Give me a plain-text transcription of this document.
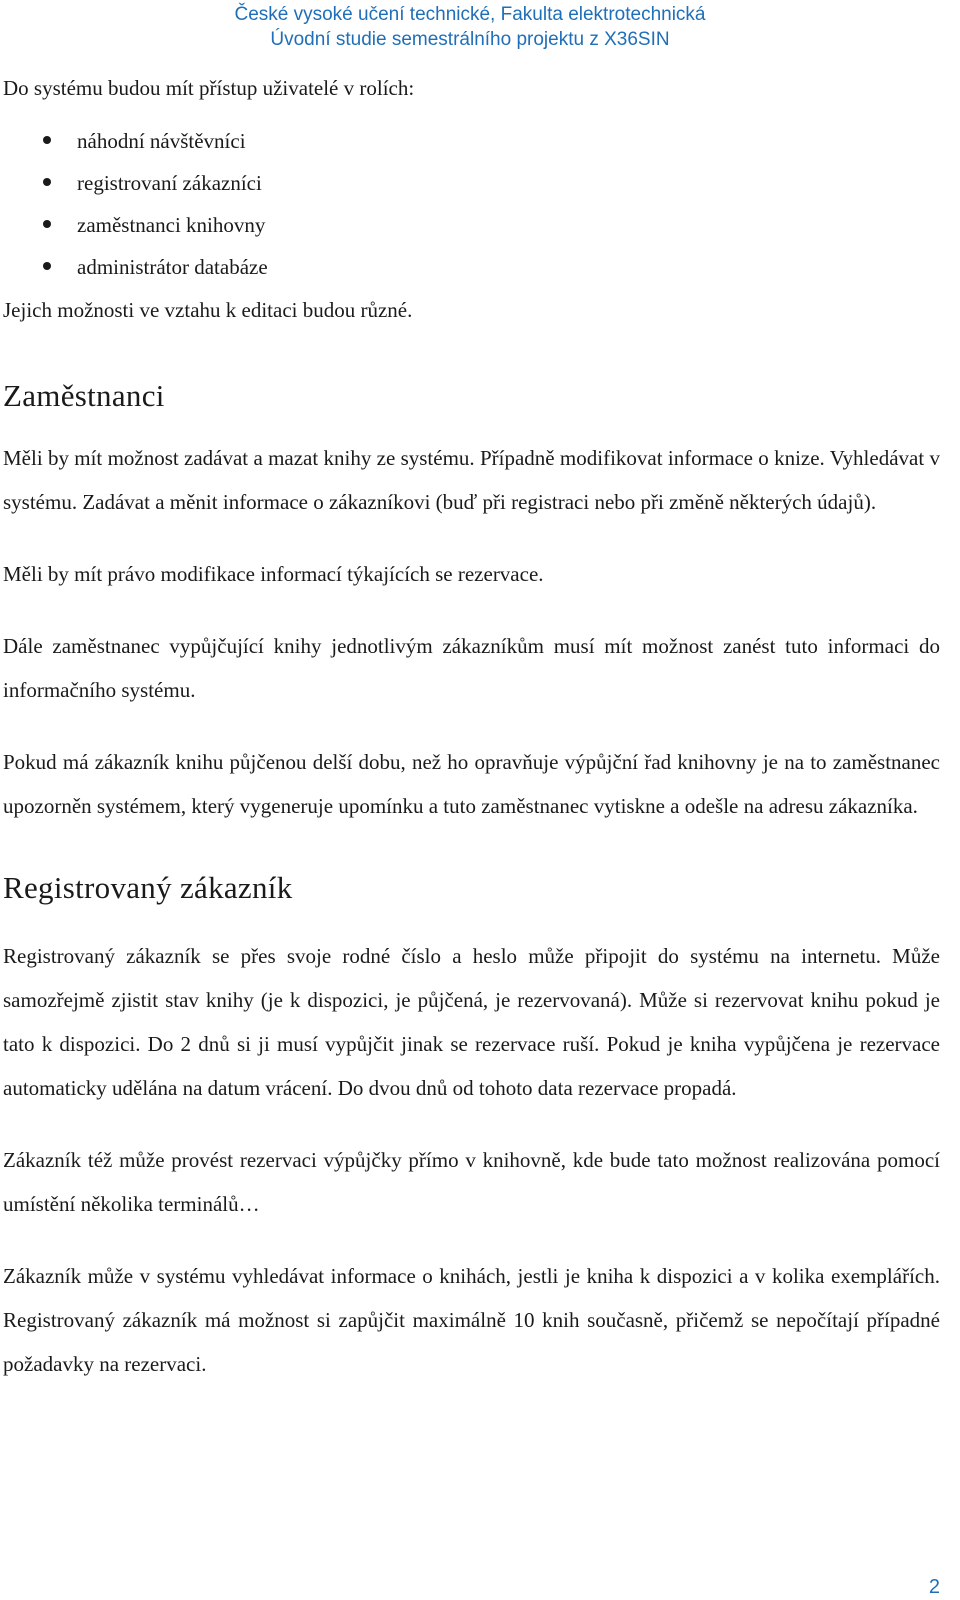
České vysoké učení technické, Fakulta elektrotechnická
Úvodní studie semestrálního projektu z X36SIN

Do systému budou mít přístup uživatelé v rolích:

náhodní návštěvníci
registrovaní zákazníci
zaměstnanci knihovny
administrátor databáze

Jejich možnosti ve vztahu k editaci budou různé.

Zaměstnanci

Měli by mít možnost zadávat a mazat knihy ze systému. Případně modifikovat informace o knize. Vyhledávat v systému. Zadávat a měnit informace o zákazníkovi (buď při registraci nebo při změně některých údajů).

Měli by mít právo modifikace informací týkajících se rezervace.

Dále zaměstnanec vypůjčující knihy jednotlivým zákazníkům musí mít možnost zanést tuto informaci do informačního systému.

Pokud má zákazník knihu půjčenou delší dobu, než ho opravňuje výpůjční řad knihovny je na to zaměstnanec upozorněn systémem, který vygeneruje upomínku a tuto zaměstnanec vytiskne a odešle na adresu zákazníka.

Registrovaný zákazník

Registrovaný zákazník se přes svoje rodné číslo a heslo může připojit do systému na internetu. Může samozřejmě zjistit stav knihy (je k dispozici, je půjčená, je rezervovaná). Může si rezervovat knihu pokud je tato k dispozici. Do 2 dnů si ji musí vypůjčit jinak se rezervace ruší. Pokud je kniha vypůjčena je rezervace automaticky udělána na datum vrácení. Do dvou dnů od tohoto data rezervace propadá.

Zákazník též může provést rezervaci výpůjčky přímo v knihovně, kde bude tato možnost realizována pomocí umístění několika terminálů…

Zákazník může v systému vyhledávat informace o knihách, jestli je kniha k dispozici a v kolika exemplářích. Registrovaný zákazník má možnost si zapůjčit maximálně 10 knih současně, přičemž se nepočítají případné požadavky na rezervaci.

2
